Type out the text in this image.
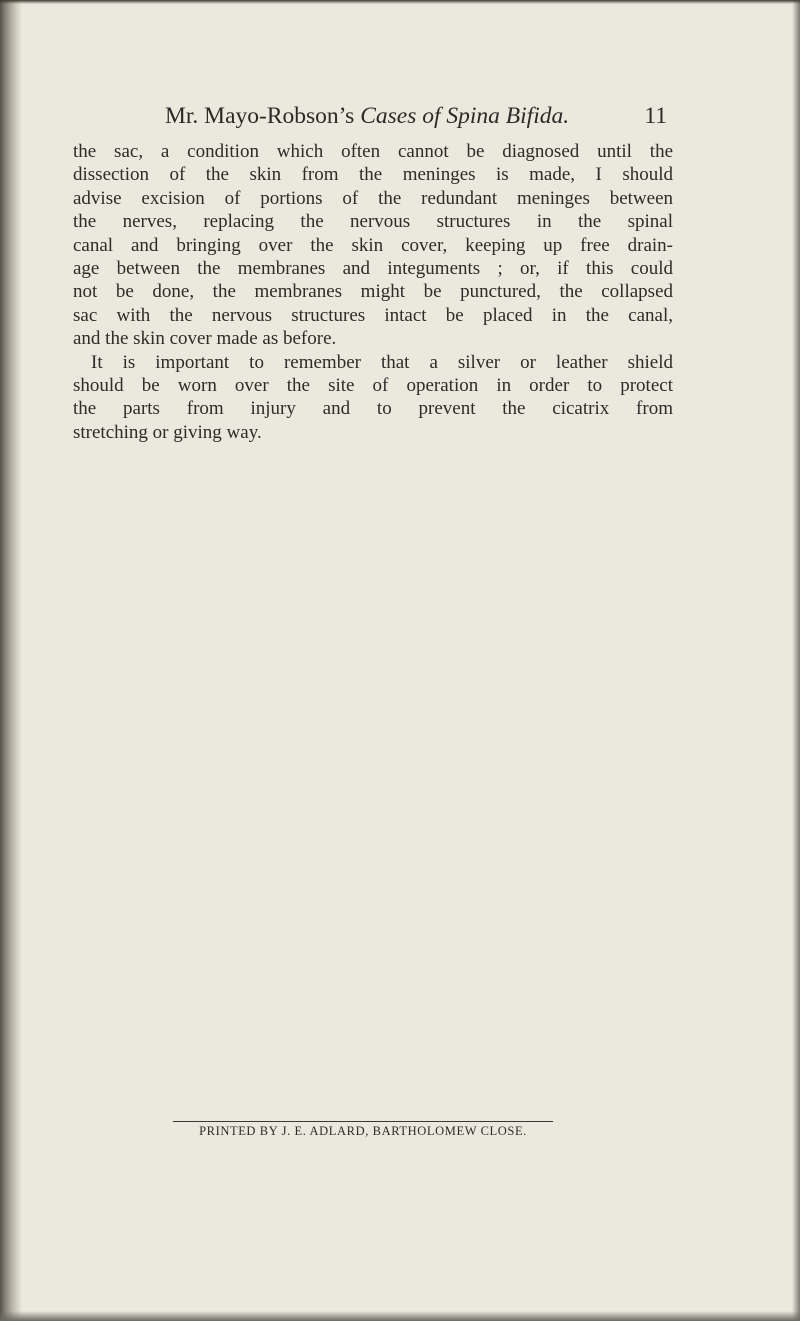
Mr. Mayo-Robson’s Cases of Spina Bifida.	11
the sac, a condition which often cannot be diagnosed until the
dissection of the skin from the meninges is made, I should
advise excision of portions of the redundant meninges between
the nerves, replacing the nervous structures in the spinal
canal and bringing over the skin cover, keeping up free drain-
age between the membranes and integuments ; or, if this could
not be done, the membranes might be punctured, the collapsed
sac with the nervous structures intact be placed in the canal,
and the skin cover made as before.
It is important to remember that a silver or leather shield
should be worn over the site of operation in order to protect
the parts from injury and to prevent the cicatrix from
stretching or giving way.
PRINTED BY J. E. ADLARD, BARTHOLOMEW CLOSE.
